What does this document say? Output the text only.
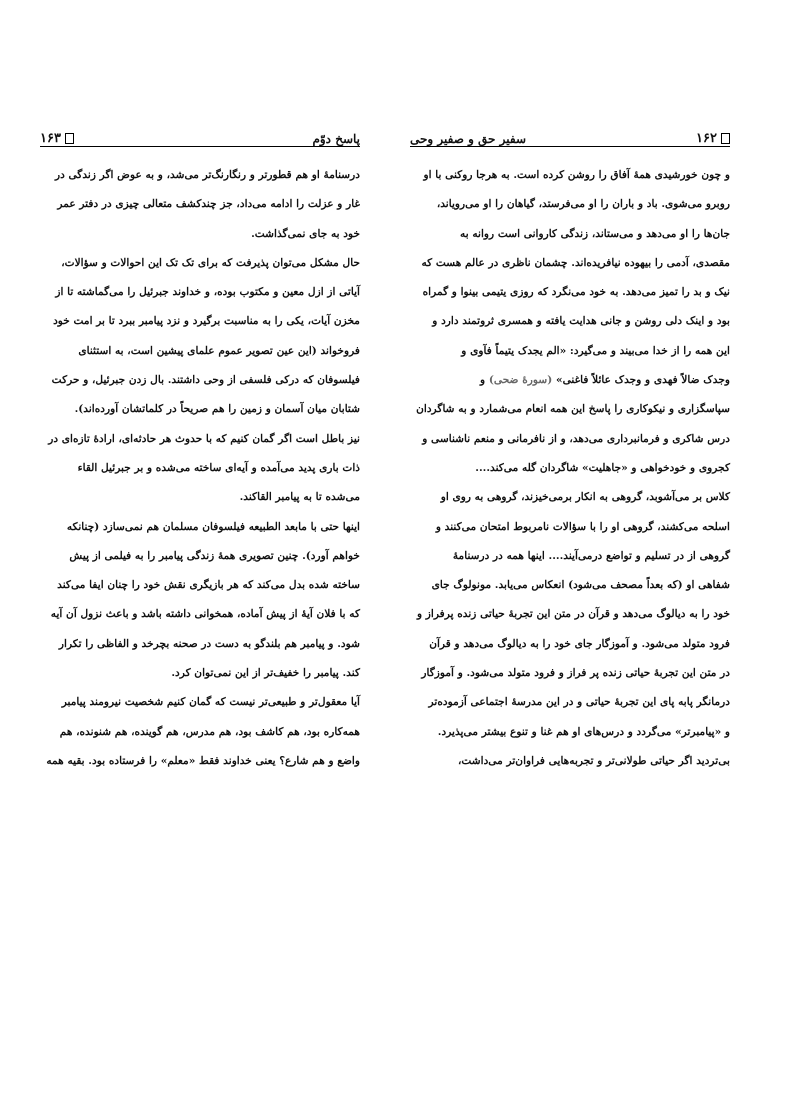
۱۶۳	پاسخ دوّم

درسنامهٔ او هم قطورتر و رنگارنگ‌تر می‌شد، و به عوض اگر زندگی در

غار و عزلت را ادامه می‌داد، جز چندکشف متعالی چیزی در دفتر عمر

خود به جای نمی‌گذاشت.

حال مشکل می‌توان پذیرفت که برای تک تک این احوالات و سؤالات،

آیاتی از ازل معین و مکتوب بوده، و خداوند جبرئیل را می‌گماشته تا از

مخزن آیات، یکی را به مناسبت برگیرد و نزد پیامبر ببرد تا بر امت خود

فروخواند (این عین تصویر عموم علمای پیشین است، به استثنای

فیلسوفان که درکی فلسفی از وحی داشتند. بال زدن جبرئیل، و حرکت

شتابان میان آسمان و زمین را هم صریحاً در کلماتشان آورده‌اند).

نیز باطل است اگر گمان کنیم که با حدوث هر حادثه‌ای، ارادهٔ تازه‌ای در

ذات باری پدید می‌آمده و آیه‌ای ساخته می‌شده و بر جبرئیل القاء

می‌شده تا به پیامبر القاکند.

اینها حتی با مابعد الطبیعه فیلسوفان مسلمان هم نمی‌سازد (چنانکه

خواهم آورد). چنین تصویری همهٔ زندگی پیامبر را به فیلمی از پیش

ساخته شده بدل می‌کند که هر بازیگری نقش خود را چنان ایفا می‌کند

که با فلان آیهٔ از پیش آماده، همخوانی داشته باشد و باعث نزول آن آیه

شود. و پیامبر هم بلندگو به دست در صحنه بچرخد و الفاظی را تکرار

کند. پیامبر را خفیف‌تر از این نمی‌توان کرد.

آیا معقول‌تر و طبیعی‌تر نیست که گمان کنیم شخصیت نیرومند پیامبر

همه‌کاره بود، هم کاشف بود، هم مدرس، هم گوینده، هم شنونده، هم

واضع و هم شارع؟ یعنی خداوند فقط «معلم» را فرستاده بود. بقیه همه

سفیر حق و صفیر وحی	۱۶۲

و چون خورشیدی همهٔ آفاق را روشن کرده است. به هرجا روکنی با او

روبرو می‌شوی. باد و باران را او می‌فرستد، گیاهان را او می‌رویاند،

جان‌ها را او می‌دهد و می‌ستاند، زندگی کاروانی است روانه به

مقصدی، آدمی را بیهوده نیافریده‌اند. چشمان ناظری در عالم هست که

نیک و بد را تمیز می‌دهد. به خود می‌نگرد که روزی یتیمی بینوا و گمراه

بود و اینک دلی روشن و جانی هدایت یافته و همسری ثروتمند دارد و

این همه را از خدا می‌بیند و می‌گیرد: «الم یجدک یتیماً فآوی و

وجدک ضالاً فهدی و وجدک عائلاً فاغنی» (سورهٔ ضحی) و

سپاسگزاری و نیکوکاری را پاسخ این همه انعام می‌شمارد و به شاگردان

درس شاکری و فرمانبرداری می‌دهد، و از نافرمانی و منعم ناشناسی و

کجروی و خودخواهی و «جاهلیت» شاگردان گله می‌کند....

کلاس بر می‌آشوبد، گروهی به انکار برمی‌خیزند، گروهی به روی او

اسلحه می‌کشند، گروهی او را با سؤالات نامربوط امتحان می‌کنند و

گروهی از در تسلیم و تواضع درمی‌آیند.... اینها همه در درسنامهٔ

شفاهی او (که بعداً مصحف می‌شود) انعکاس می‌یابد. مونولوگ جای

خود را به دیالوگ می‌دهد و قرآن در متن این تجربهٔ حیاتی زنده پرفراز و

فرود متولد می‌شود. و آموزگار جای خود را به دیالوگ می‌دهد و قرآن

در متن این تجربهٔ حیاتی زنده پر فراز و فرود متولد می‌شود. و آموزگار

درمانگر پابه پای این تجربهٔ حیاتی و در این مدرسهٔ اجتماعی آزموده‌تر

و «پیامبرتر» می‌گردد و درس‌های او هم غنا و تنوع بیشتر می‌پذیرد.

بی‌تردید اگر حیاتی طولانی‌تر و تجربه‌هایی فراوان‌تر می‌داشت،
